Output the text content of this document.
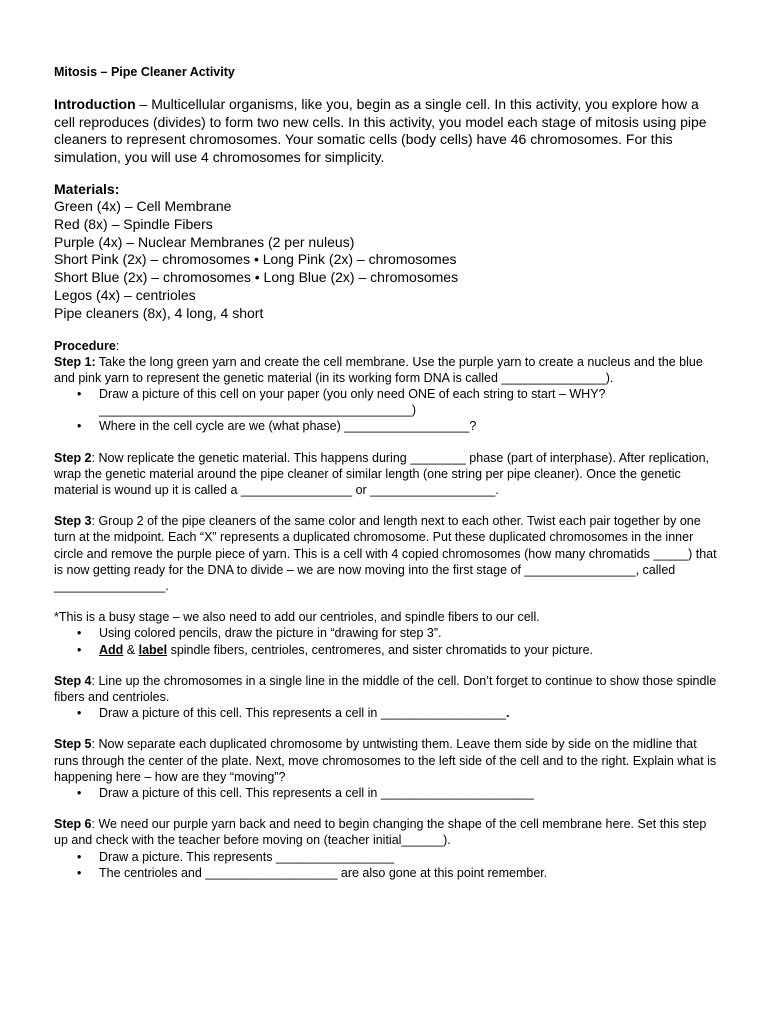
Mitosis – Pipe Cleaner Activity

Introduction – Multicellular organisms, like you, begin as a single cell. In this activity, you explore how a cell reproduces (divides) to form two new cells. In this activity, you model each stage of mitosis using pipe cleaners to represent chromosomes. Your somatic cells (body cells) have 46 chromosomes. For this simulation, you will use 4 chromosomes for simplicity.

Materials:
Green (4x) – Cell Membrane
Red (8x) – Spindle Fibers
Purple (4x) – Nuclear Membranes (2 per nuleus)
Short Pink (2x) – chromosomes • Long Pink (2x) – chromosomes
Short Blue (2x) – chromosomes • Long Blue (2x) – chromosomes
Legos (4x) – centrioles
Pipe cleaners (8x), 4 long, 4 short

Procedure:

Step 1: Take the long green yarn and create the cell membrane. Use the purple yarn to create a nucleus and the blue and pink yarn to represent the genetic material (in its working form DNA is called _______________).

• Draw a picture of this cell on your paper (you only need ONE of each string to start – WHY? _____________________________________________)
• Where in the cell cycle are we (what phase) __________________?

Step 2: Now replicate the genetic material. This happens during ________ phase (part of interphase). After replication, wrap the genetic material around the pipe cleaner of similar length (one string per pipe cleaner). Once the genetic material is wound up it is called a ________________ or __________________.

Step 3: Group 2 of the pipe cleaners of the same color and length next to each other. Twist each pair together by one turn at the midpoint. Each “X” represents a duplicated chromosome. Put these duplicated chromosomes in the inner circle and remove the purple piece of yarn. This is a cell with 4 copied chromosomes (how many chromatids _____) that is now getting ready for the DNA to divide – we are now moving into the first stage of ________________, called ________________.

*This is a busy stage – we also need to add our centrioles, and spindle fibers to our cell.

• Using colored pencils, draw the picture in “drawing for step 3”.
• Add & label spindle fibers, centrioles, centromeres, and sister chromatids to your picture.

Step 4: Line up the chromosomes in a single line in the middle of the cell. Don’t forget to continue to show those spindle fibers and centrioles.

• Draw a picture of this cell. This represents a cell in __________________.

Step 5: Now separate each duplicated chromosome by untwisting them. Leave them side by side on the midline that runs through the center of the plate. Next, move chromosomes to the left side of the cell and to the right. Explain what is happening here – how are they “moving”?

• Draw a picture of this cell. This represents a cell in ______________________

Step 6: We need our purple yarn back and need to begin changing the shape of the cell membrane here. Set this step up and check with the teacher before moving on (teacher initial______).

• Draw a picture. This represents _________________
• The centrioles and ___________________ are also gone at this point remember.
